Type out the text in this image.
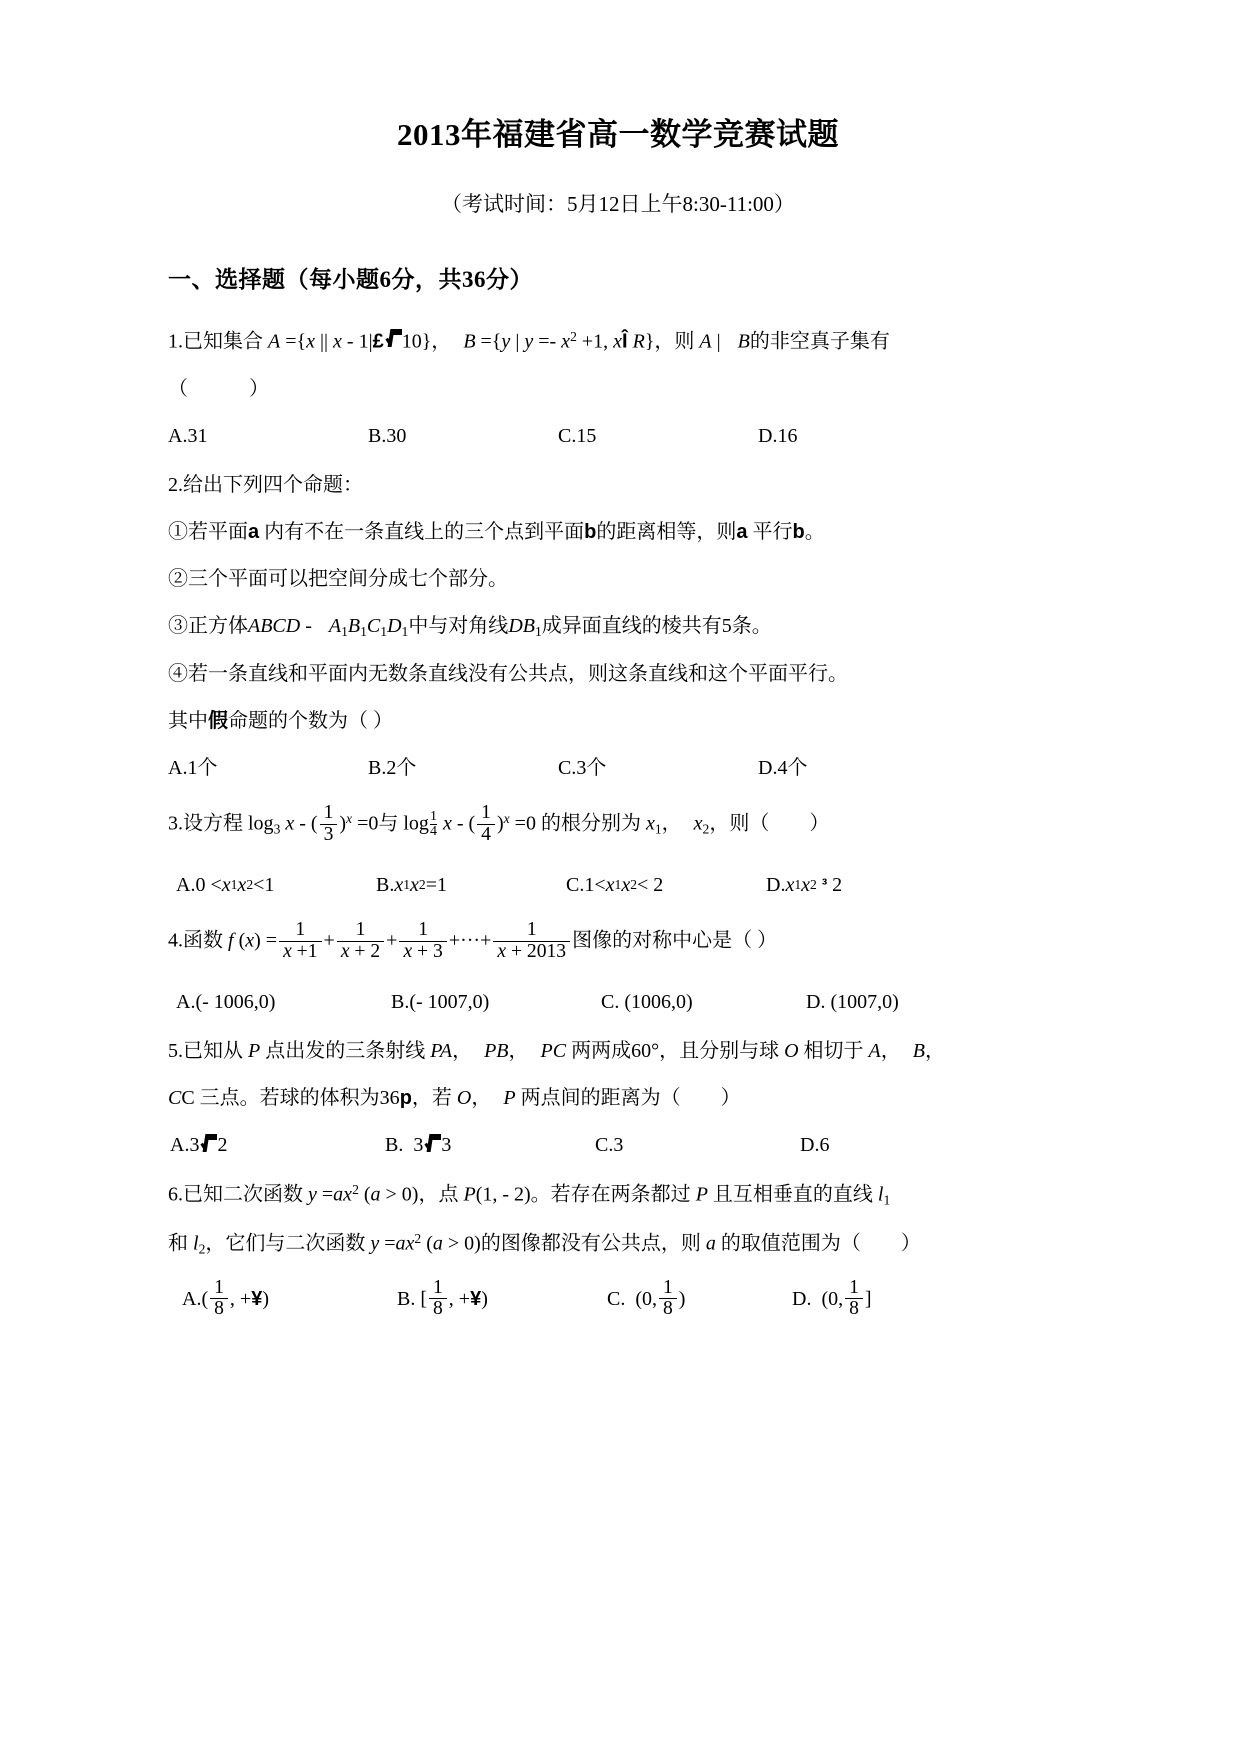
2013年福建省高一数学竞赛试题
（考试时间：5月12日上午8:30-11:00）
一、选择题（每小题6分，共36分）
1.已知集合 A ={x || x - 1|£ 10}， B ={y | $y =- x^2 +1$, xÎ R}，则 A | B的非空真子集有
（　　）
A.31	B.30	C.15	D.16
2.给出下列四个命题：
①若平面a 内有不在一条直线上的三个点到平面b的距离相等，则a 平行b。
②三个平面可以把空间分成七个部分。
③正方体ABCD - A1B1C1D1中与对角线DB1成异面直线的棱共有5条。
④若一条直线和平面内无数条直线没有公共点，则这条直线和这个平面平行。
其中假命题的个数为（ ）
A.1个	B.2个	C.3个	D.4个
3.设方程 log3 x - ( $\frac{1}{3} )^x =0$与 $\log \frac{1}{4}$ x - ( $\frac{1}{4} )^x =0$ 的根分别为 x1， x2，则（　　）
A.0 < x 1 x 2 <1	B. x 1 x 2 =1	C.1< x 1 x 2 < 2	D. x 1 x 2 ³ 2
4.函数 f $(x) = \frac{1}{x +1} + \frac{1}{x + 2} + \frac{1}{x + 3}$ +···+ $\frac{1}{x + 2013}$ 图像的对称中心是（ ）
A.(- 1006,0)	B.(- 1007,0)	C. (1006,0)	D. (1007,0)
5.已知从 P 点出发的三条射线 PA， PB， PC 两两成60°，且分别与球 O 相切于 A， B，
CC 三点。若球的体积为36p，若 O， P 两点间的距离为（　　）
A.3 2	B.  3 3	C.3	D.6
6.已知二次函数 $y =ax^2$ (a > 0)，点 P(1, - 2)。若存在两条都过 P 且互相垂直的直线 l1
和 l2，它们与二次函数 $y =ax^2$ (a > 0)的图像都没有公共点，则 a 的取值范围为（　　）
$A.( \frac{1}{8}$ , + ¥ )	B. [ $\frac{1}{8}$ , + ¥ )	C.  (0, $\frac{1}{8}$ )	D.  (0, $\frac{1}{8}$ ]
